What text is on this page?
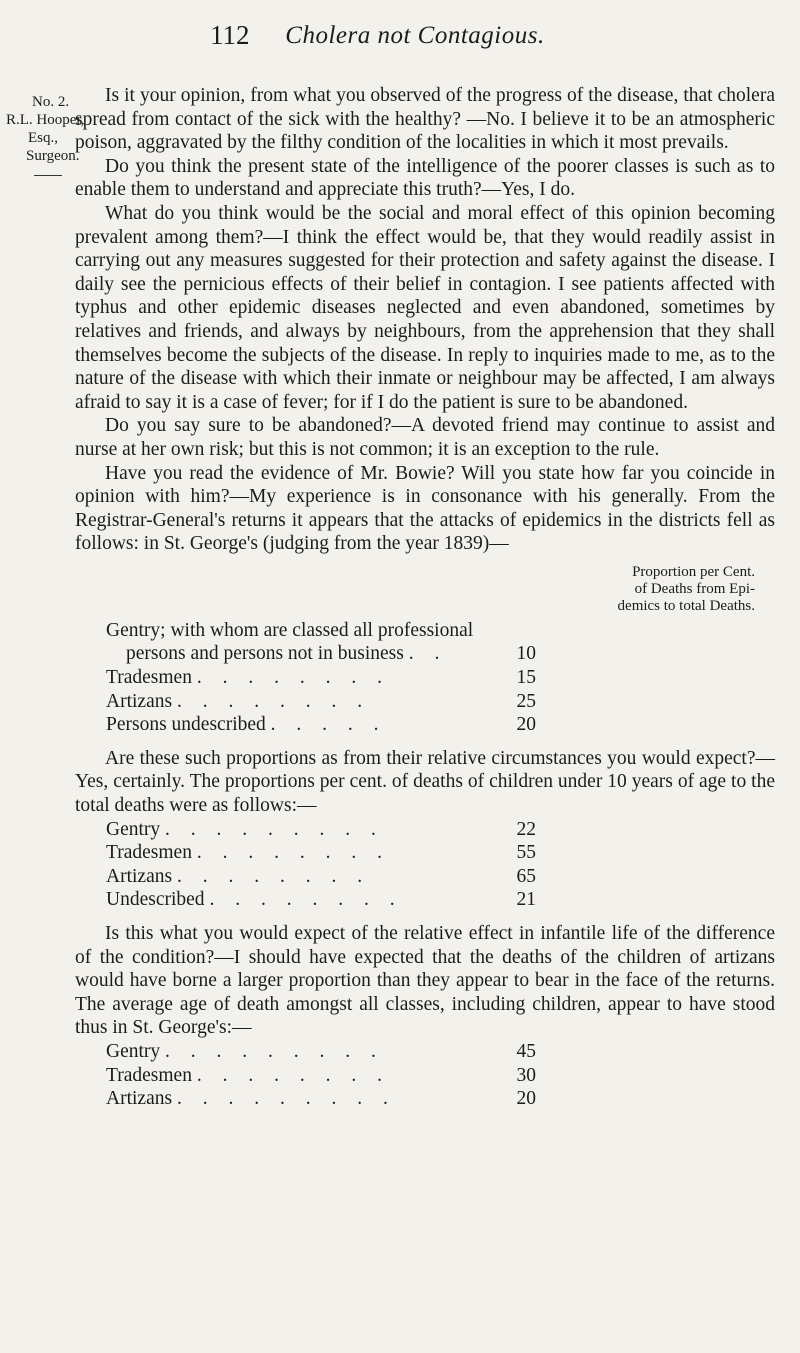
112	Cholera not Contagious.
No. 2.
R.L. Hooper,
Esq.,
Surgeon.

Is it your opinion, from what you observed of the progress of the disease, that cholera spread from contact of the sick with the healthy? —No. I believe it to be an atmospheric poison, aggravated by the filthy condition of the localities in which it most prevails.

Do you think the present state of the intelligence of the poorer classes is such as to enable them to understand and appreciate this truth?—Yes, I do.

What do you think would be the social and moral effect of this opinion becoming prevalent among them?—I think the effect would be, that they would readily assist in carrying out any measures suggested for their protection and safety against the disease. I daily see the pernicious effects of their belief in contagion. I see patients affected with typhus and other epidemic diseases neglected and even abandoned, sometimes by relatives and friends, and always by neighbours, from the apprehension that they shall themselves become the subjects of the disease. In reply to inquiries made to me, as to the nature of the disease with which their inmate or neighbour may be affected, I am always afraid to say it is a case of fever; for if I do the patient is sure to be abandoned.

Do you say sure to be abandoned?—A devoted friend may continue to assist and nurse at her own risk; but this is not common; it is an exception to the rule.

Have you read the evidence of Mr. Bowie? Will you state how far you coincide in opinion with him?—My experience is in consonance with his generally. From the Registrar-General's returns it appears that the attacks of epidemics in the districts fell as follows: in St. George's (judging from the year 1839)—

Proportion per Cent.
of Deaths from Epi-
demics to total Deaths.
Gentry; with whom are classed all professional	
persons and persons not in business . .	10
Tradesmen . . . . . . . .	15
Artizans . . . . . . . .	25
Persons undescribed . . . . .	20

Are these such proportions as from their relative circumstances you would expect?—Yes, certainly. The proportions per cent. of deaths of children under 10 years of age to the total deaths were as follows:—

Gentry . . . . . . . . .	22
Tradesmen . . . . . . . .	55
Artizans . . . . . . . .	65
Undescribed . . . . . . . .	21

Is this what you would expect of the relative effect in infantile life of the difference of the condition?—I should have expected that the deaths of the children of artizans would have borne a larger proportion than they appear to bear in the face of the returns. The average age of death amongst all classes, including children, appear to have stood thus in St. George's:—

Gentry . . . . . . . . .	45
Tradesmen . . . . . . . .	30
Artizans . . . . . . . . .	20
